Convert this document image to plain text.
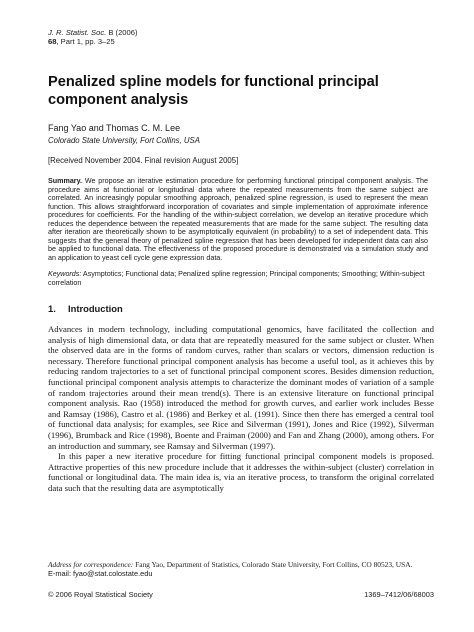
J. R. Statist. Soc. B (2006)
68, Part 1, pp. 3–25
Penalized spline models for functional principal
component analysis
Fang Yao and Thomas C. M. Lee
Colorado State University, Fort Collins, USA
[Received November 2004. Final revision August 2005]
Summary. We propose an iterative estimation procedure for performing functional principal component analysis. The procedure aims at functional or longitudinal data where the repeated measurements from the same subject are correlated. An increasingly popular smoothing approach, penalized spline regression, is used to represent the mean function. This allows straightforward incorporation of covariates and simple implementation of approximate inference procedures for coefficients. For the handling of the within-subject correlation, we develop an iterative procedure which reduces the dependence between the repeated measurements that are made for the same subject. The resulting data after iteration are theoretically shown to be asymptotically equivalent (in probability) to a set of independent data. This suggests that the general theory of penalized spline regression that has been developed for independent data can also be applied to functional data. The effectiveness of the proposed procedure is demonstrated via a simulation study and an application to yeast cell cycle gene expression data.
Keywords: Asymptotics; Functional data; Penalized spline regression; Principal components; Smoothing; Within-subject correlation
1. Introduction

Advances in modern technology, including computational genomics, have facilitated the collection and analysis of high dimensional data, or data that are repeatedly measured for the same subject or cluster. When the observed data are in the forms of random curves, rather than scalars or vectors, dimension reduction is necessary. Therefore functional principal component analysis has become a useful tool, as it achieves this by reducing random trajectories to a set of functional principal component scores. Besides dimension reduction, functional principal component analysis attempts to characterize the dominant modes of variation of a sample of random trajectories around their mean trend(s). There is an extensive literature on functional principal component analysis. Rao (1958) introduced the method for growth curves, and earlier work includes Besse and Ramsay (1986), Castro et al. (1986) and Berkey et al. (1991). Since then there has emerged a central tool of functional data analysis; for examples, see Rice and Silverman (1991), Jones and Rice (1992), Silverman (1996), Brumback and Rice (1998), Boente and Fraiman (2000) and Fan and Zhang (2000), among others. For an introduction and summary, see Ramsay and Silverman (1997).

In this paper a new iterative procedure for fitting functional principal component models is proposed. Attractive properties of this new procedure include that it addresses the within-subject (cluster) correlation in functional or longitudinal data. The main idea is, via an iterative process, to transform the original correlated data such that the resulting data are asymptotically

Address for correspondence: Fang Yao, Department of Statistics, Colorado State University, Fort Collins, CO 80523, USA.
E-mail: fyao@stat.colostate.edu
© 2006 Royal Statistical Society	1369–7412/06/68003
